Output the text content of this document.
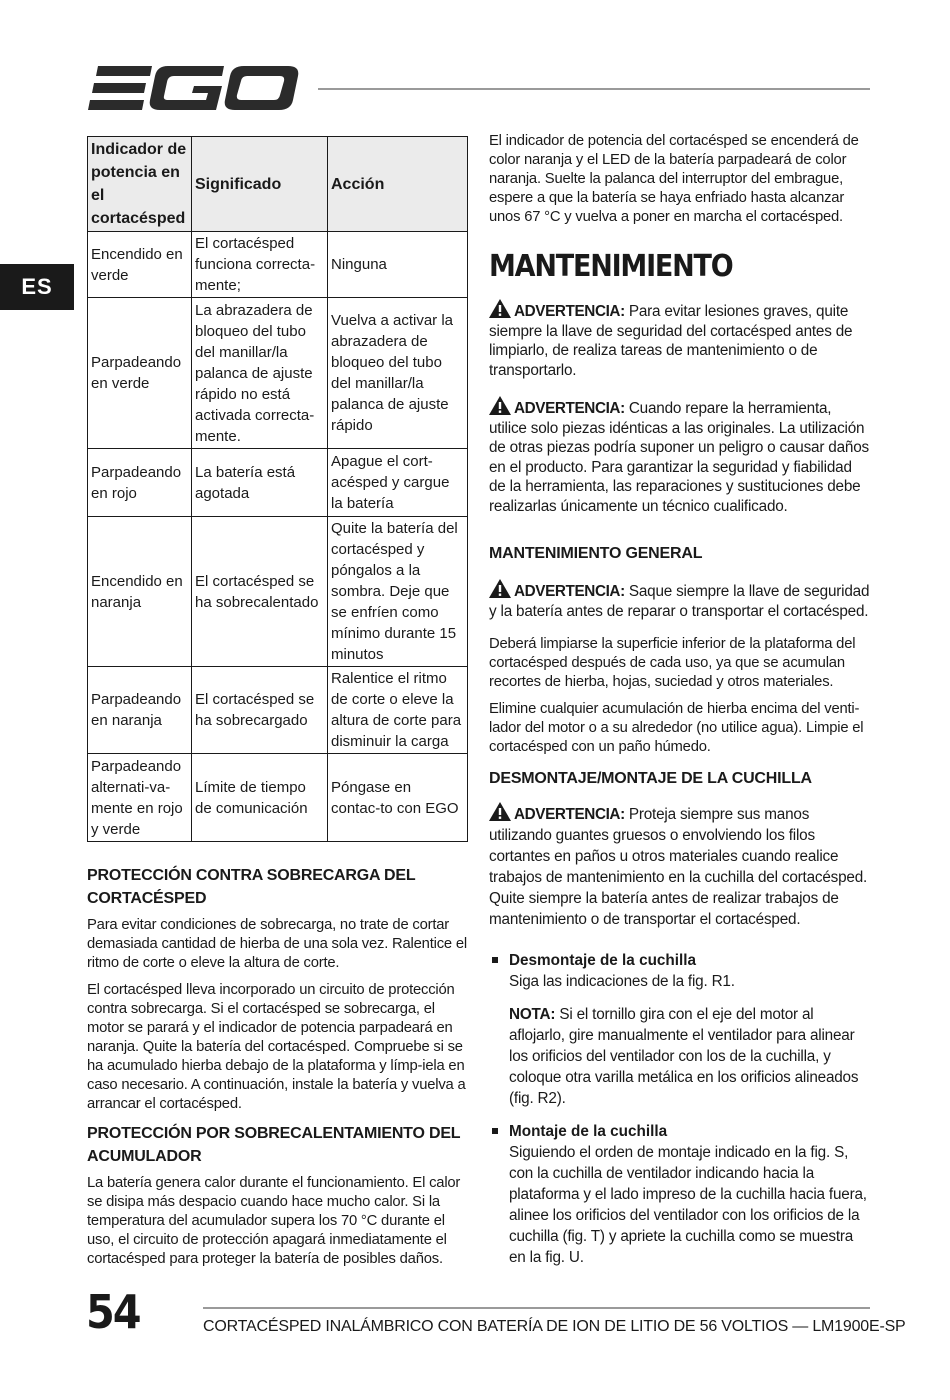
ES
Indicador de potencia en el cortacésped	Significado	Acción
Encendido en verde	El cortacésped funciona correcta-mente;	Ninguna
Parpadeando en verde	La abrazadera de bloqueo del tubo del manillar/la palanca de ajuste rápido no está activada correcta-mente.	Vuelva a activar la abrazadera de bloqueo del tubo del manillar/la palanca de ajuste rápido
Parpadeando en rojo	La batería está agotada	Apague el cort-acésped y cargue la batería
Encendido en naranja	El cortacésped se ha sobrecalentado	Quite la batería del cortacésped y póngalos a la sombra. Deje que se enfríen como mínimo durante 15 minutos
Parpadeando en naranja	El cortacésped se ha sobrecargado	Ralentice el ritmo de corte o eleve la altura de corte para disminuir la carga
Parpadeando alternati-va-mente en rojo y verde	Límite de tiempo de comunicación	Póngase en contac-to con EGO
PROTECCIÓN CONTRA SOBRECARGA DEL CORTACÉSPED

Para evitar condiciones de sobrecarga, no trate de cortar demasiada cantidad de hierba de una sola vez. Ralentice el ritmo de corte o eleve la altura de corte.

El cortacésped lleva incorporado un circuito de protección contra sobrecarga. Si el cortacésped se sobrecarga, el motor se parará y el indicador de potencia parpadeará en naranja. Quite la batería del cortacésped. Compruebe si se ha acumulado hierba debajo de la plataforma y límp-iela en caso necesario. A continuación, instale la batería y vuelva a arrancar el cortacésped.

PROTECCIÓN POR SOBRECALENTAMIENTO DEL ACUMULADOR

La batería genera calor durante el funcionamiento. El calor se disipa más despacio cuando hace mucho calor. Si la temperatura del acumulador supera los 70 °C durante el uso, el circuito de protección apagará inmediatamente el cortacésped para proteger la batería de posibles daños.

El indicador de potencia del cortacésped se encenderá de color naranja y el LED de la batería parpadeará de color naranja. Suelte la palanca del interruptor del embrague, espere a que la batería se haya enfriado hasta alcanzar unos 67 °C y vuelva a poner en marcha el cortacésped.

MANTENIMIENTO

ADVERTENCIA: Para evitar lesiones graves, quite siempre la llave de seguridad del cortacésped antes de limpiarlo, de realiza tareas de mantenimiento o de transportarlo.

ADVERTENCIA: Cuando repare la herramienta, utilice solo piezas idénticas a las originales. La utilización de otras piezas podría suponer un peligro o causar daños en el producto. Para garantizar la seguridad y fiabilidad de la herramienta, las reparaciones y sustituciones debe realizarlas únicamente un técnico cualificado.

MANTENIMIENTO GENERAL

ADVERTENCIA: Saque siempre la llave de seguridad y la batería antes de reparar o transportar el cortacésped.

Deberá limpiarse la superficie inferior de la plataforma del cortacésped después de cada uso, ya que se acumulan recortes de hierba, hojas, suciedad y otros materiales.

Elimine cualquier acumulación de hierba encima del venti-lador del motor o a su alrededor (no utilice agua). Limpie el cortacésped con un paño húmedo.

DESMONTAJE/MONTAJE DE LA CUCHILLA

ADVERTENCIA: Proteja siempre sus manos utilizando guantes gruesos o envolviendo los filos cortantes en paños u otros materiales cuando realice trabajos de mantenimiento en la cuchilla del cortacésped. Quite siempre la batería antes de realizar trabajos de mantenimiento o de transportar el cortacésped.

Desmontaje de la cuchilla
Siga las indicaciones de la fig. R1.

NOTA: Si el tornillo gira con el eje del motor al aflojarlo, gire manualmente el ventilador para alinear los orificios del ventilador con los de la cuchilla, y coloque otra varilla metálica en los orificios alineados (fig. R2).

Montaje de la cuchilla
Siguiendo el orden de montaje indicado en la fig. S, con la cuchilla de ventilador indicando hacia la plataforma y el lado impreso de la cuchilla hacia fuera, alinee los orificios del ventilador con los orificios de la cuchilla (fig. T) y apriete la cuchilla como se muestra en la fig. U.
54	CORTACÉSPED INALÁMBRICO CON BATERÍA DE ION DE LITIO DE 56 VOLTIOS — LM1900E-SP
